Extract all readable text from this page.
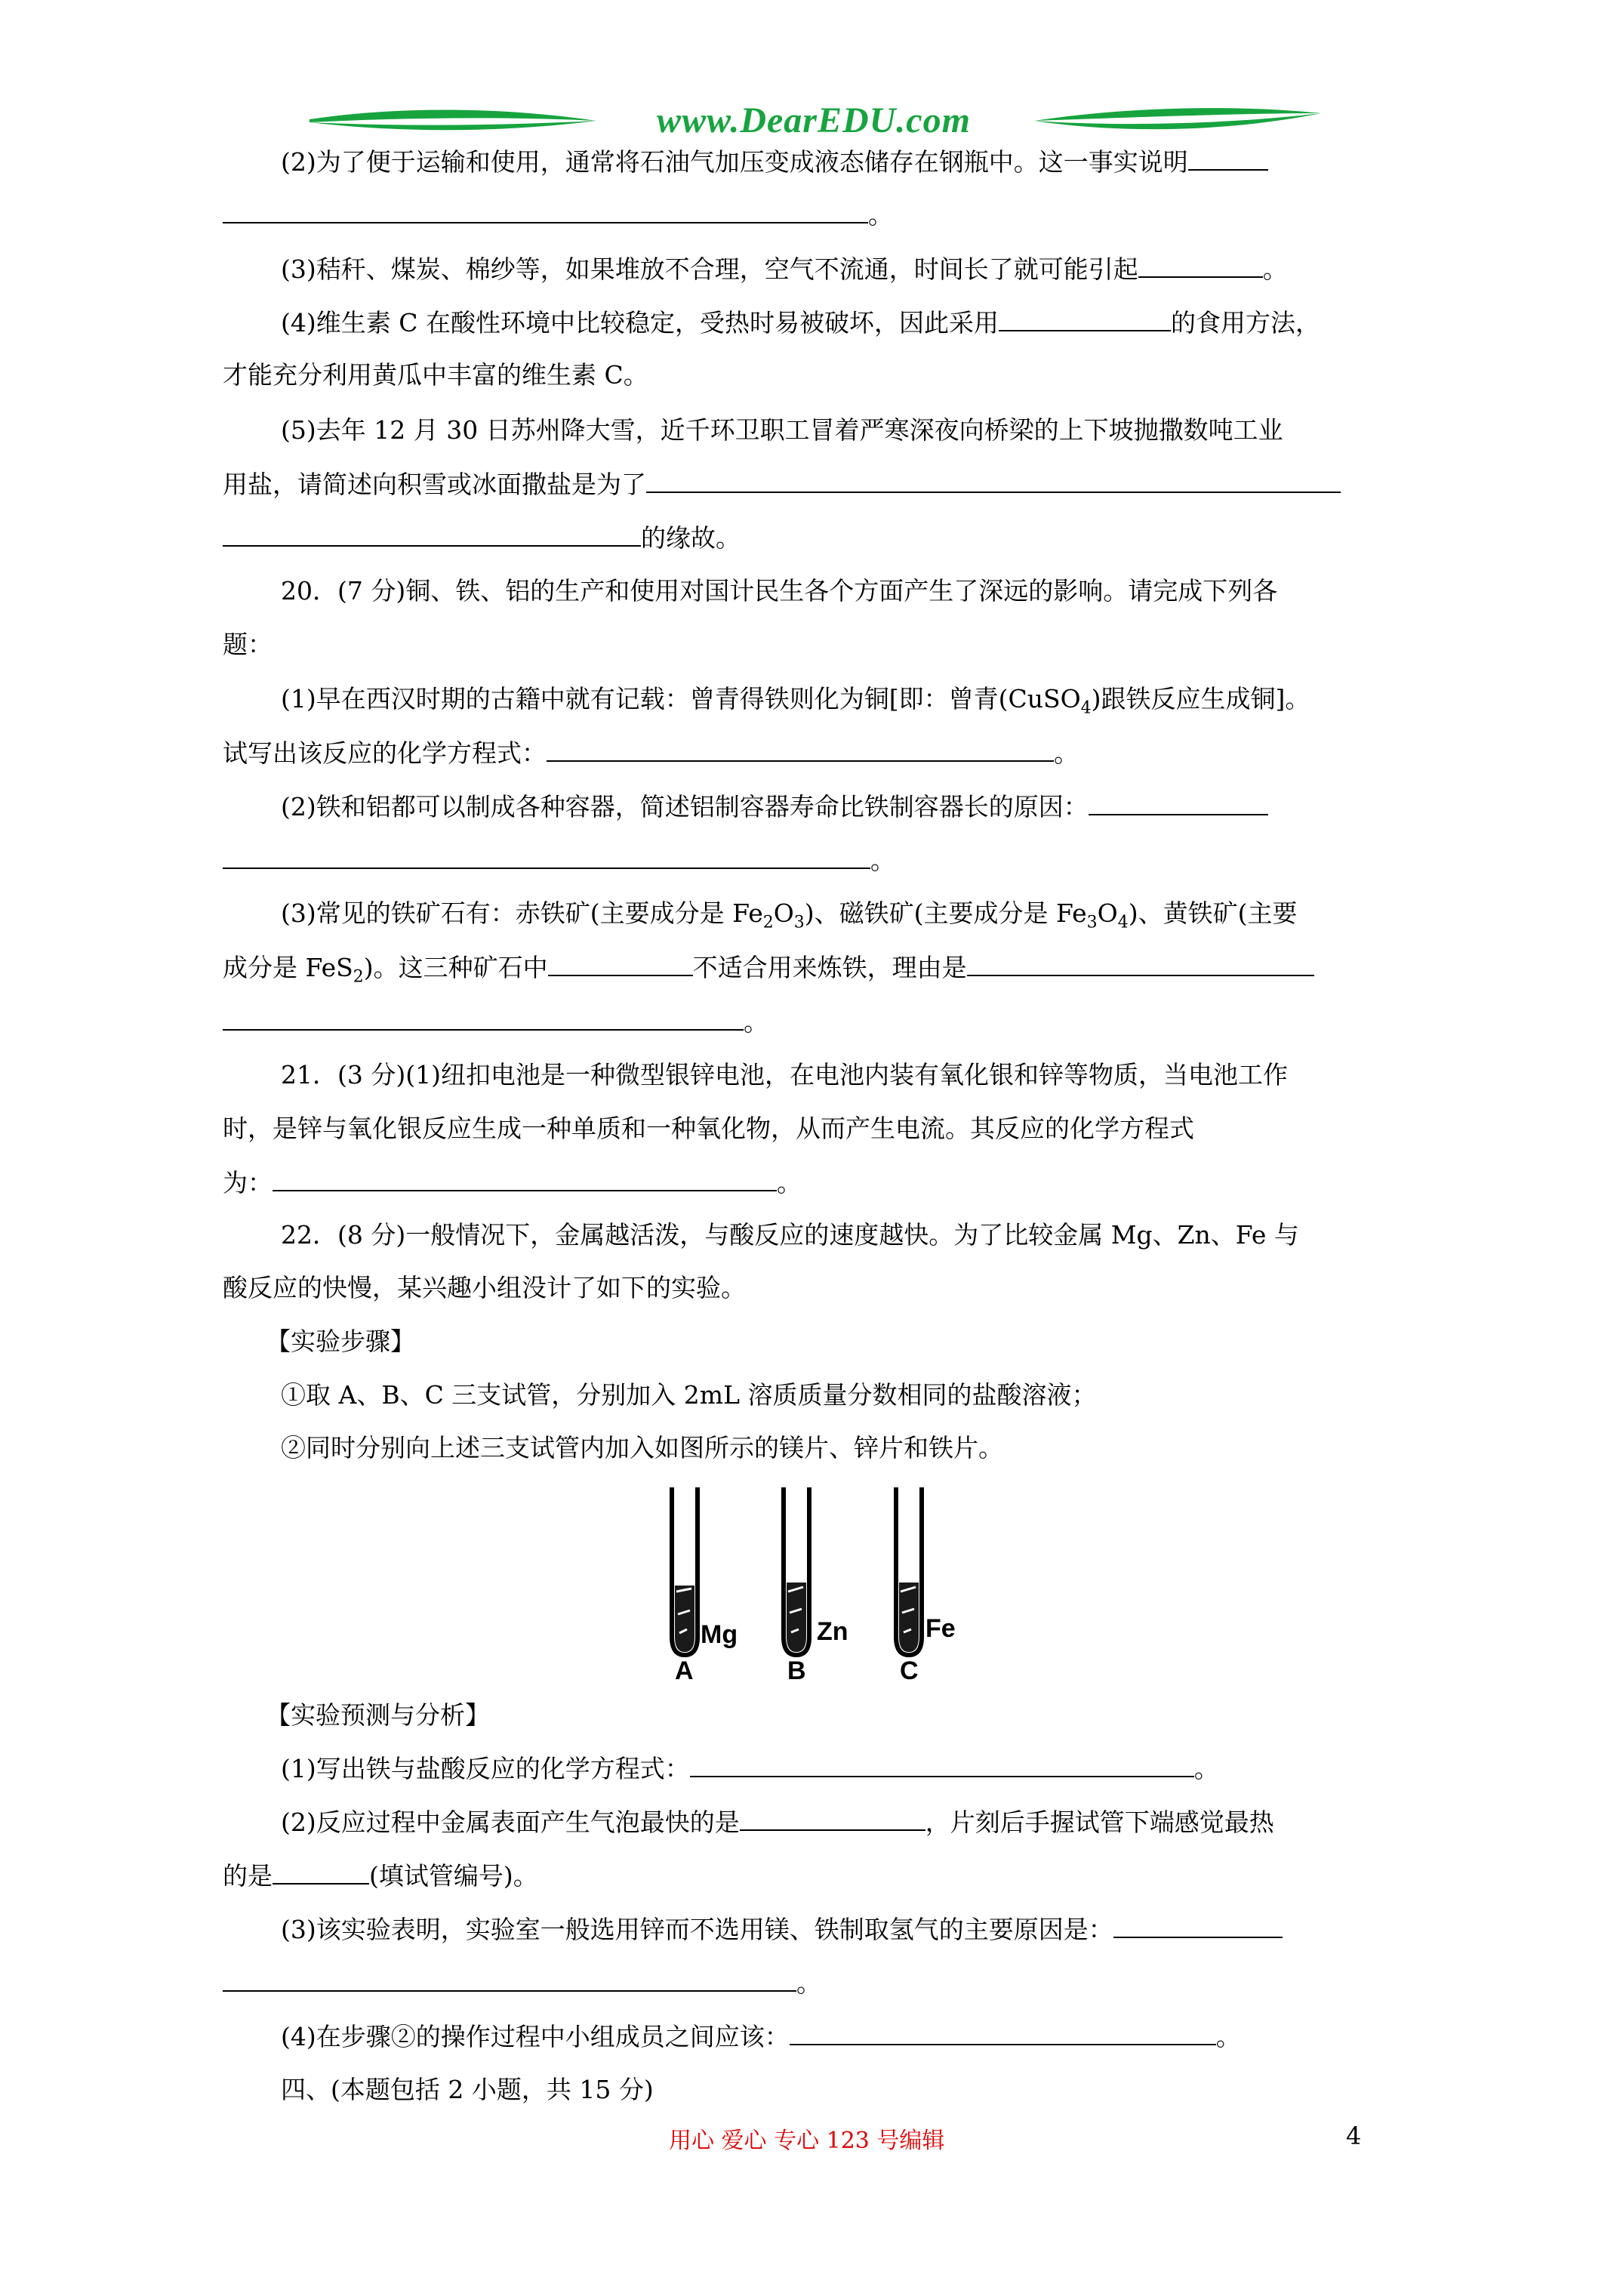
www.DearEDU.com
(2)为了便于运输和使用，通常将石油气加压变成液态储存在钢瓶中。这一事实说明
。
(3)秸秆、煤炭、棉纱等，如果堆放不合理，空气不流通，时间长了就可能引起	。
(4)维生素 C 在酸性环境中比较稳定，受热时易被破坏，因此采用	的食用方法，
才能充分利用黄瓜中丰富的维生素 C。
(5)去年 12 月 30 日苏州降大雪，近千环卫职工冒着严寒深夜向桥梁的上下坡抛撒数吨工业
用盐，请简述向积雪或冰面撒盐是为了
的缘故。
20．(7 分)铜、铁、铝的生产和使用对国计民生各个方面产生了深远的影响。请完成下列各
题：
(1)早在西汉时期的古籍中就有记载：曾青得铁则化为铜[即：曾青(CuSO$_4$)跟铁反应生成铜]。
试写出该反应的化学方程式：	。
(2)铁和铝都可以制成各种容器，简述铝制容器寿命比铁制容器长的原因：
。
(3)常见的铁矿石有：赤铁矿(主要成分是 $Fe_2O_3$)、磁铁矿(主要成分是 $Fe_3O_4$)、黄铁矿(主要
成分是 FeS$_2$)。这三种矿石中	不适合用来炼铁，理由是
。
21．(3 分)(1)纽扣电池是一种微型银锌电池，在电池内装有氧化银和锌等物质，当电池工作
时，是锌与氧化银反应生成一种单质和一种氧化物，从而产生电流。其反应的化学方程式
为：	。
22．(8 分)一般情况下，金属越活泼，与酸反应的速度越快。为了比较金属 Mg、Zn、Fe 与
酸反应的快慢，某兴趣小组没计了如下的实验。
【实验步骤】
①取 A、B、C 三支试管，分别加入 2mL 溶质质量分数相同的盐酸溶液；
②同时分别向上述三支试管内加入如图所示的镁片、锌片和铁片。
Mg	Zn	Fe
A	B	C
【实验预测与分析】
(1)写出铁与盐酸反应的化学方程式：	。
(2)反应过程中金属表面产生气泡最快的是	，片刻后手握试管下端感觉最热
的是	(填试管编号)。
(3)该实验表明，实验室一般选用锌而不选用镁、铁制取氢气的主要原因是：
。
(4)在步骤②的操作过程中小组成员之间应该：	。
四、(本题包括 2 小题，共 15 分)
用心 爱心 专心 123 号编辑	4
